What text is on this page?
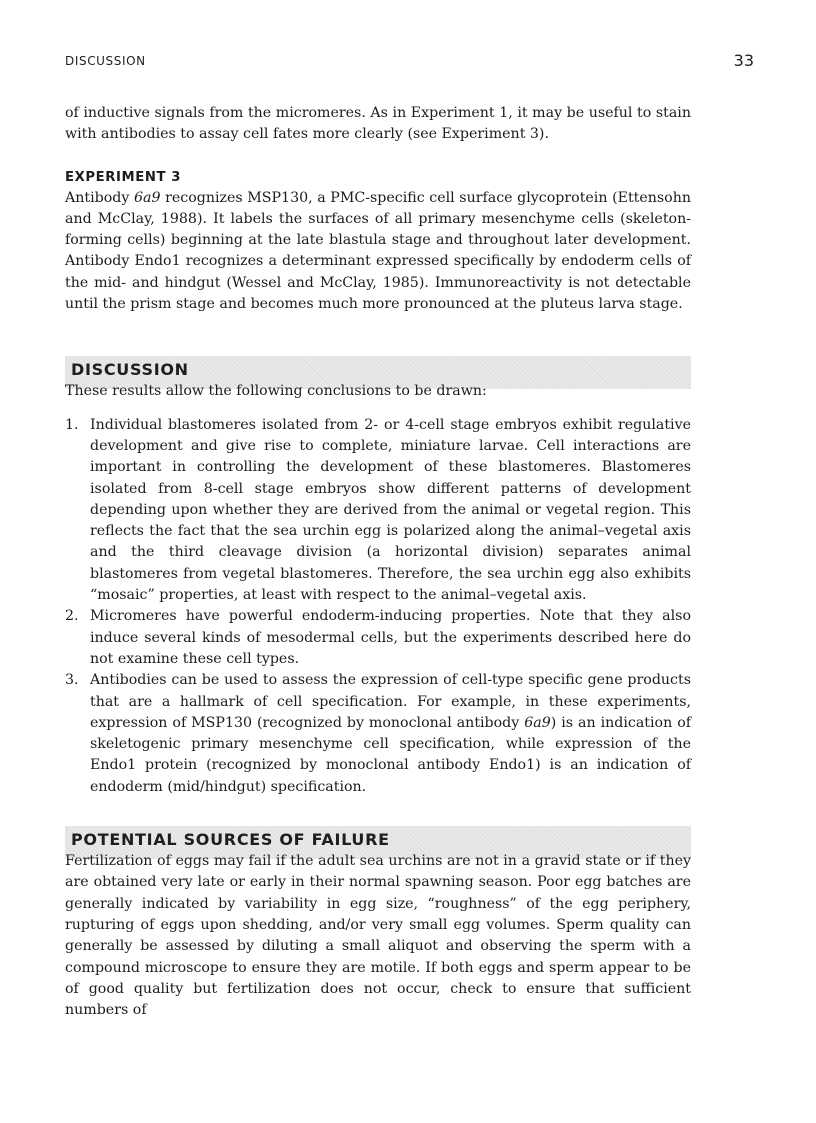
DISCUSSION	33

of inductive signals from the micromeres. As in Experiment 1, it may be useful to stain with antibodies to assay cell fates more clearly (see Experiment 3).

EXPERIMENT 3

Antibody 6a9 recognizes MSP130, a PMC-specific cell surface glycoprotein (Ettensohn and McClay, 1988). It labels the surfaces of all primary mesenchyme cells (skeleton-forming cells) beginning at the late blastula stage and throughout later development. Antibody Endo1 recognizes a determinant expressed specifically by endoderm cells of the mid- and hindgut (Wessel and McClay, 1985). Immunoreactivity is not detectable until the prism stage and becomes much more pronounced at the pluteus larva stage.

DISCUSSION

These results allow the following conclusions to be drawn:

1. Individual blastomeres isolated from 2- or 4-cell stage embryos exhibit regulative development and give rise to complete, miniature larvae. Cell interactions are important in controlling the development of these blastomeres. Blastomeres isolated from 8-cell stage embryos show different patterns of development depending upon whether they are derived from the animal or vegetal region. This reflects the fact that the sea urchin egg is polarized along the animal–vegetal axis and the third cleavage division (a horizontal division) separates animal blastomeres from vegetal blastomeres. Therefore, the sea urchin egg also exhibits “mosaic” properties, at least with respect to the animal–vegetal axis.
2. Micromeres have powerful endoderm-inducing properties. Note that they also induce several kinds of mesodermal cells, but the experiments described here do not examine these cell types.
3. Antibodies can be used to assess the expression of cell-type specific gene products that are a hallmark of cell specification. For example, in these experiments, expression of MSP130 (recognized by monoclonal antibody 6a9) is an indication of skeletogenic primary mesenchyme cell specification, while expression of the Endo1 protein (recognized by monoclonal antibody Endo1) is an indication of endoderm (mid/hindgut) specification.
POTENTIAL SOURCES OF FAILURE

Fertilization of eggs may fail if the adult sea urchins are not in a gravid state or if they are obtained very late or early in their normal spawning season. Poor egg batches are generally indicated by variability in egg size, “roughness” of the egg periphery, rupturing of eggs upon shedding, and/or very small egg volumes. Sperm quality can generally be assessed by diluting a small aliquot and observing the sperm with a compound microscope to ensure they are motile. If both eggs and sperm appear to be of good quality but fertilization does not occur, check to ensure that sufficient numbers of
